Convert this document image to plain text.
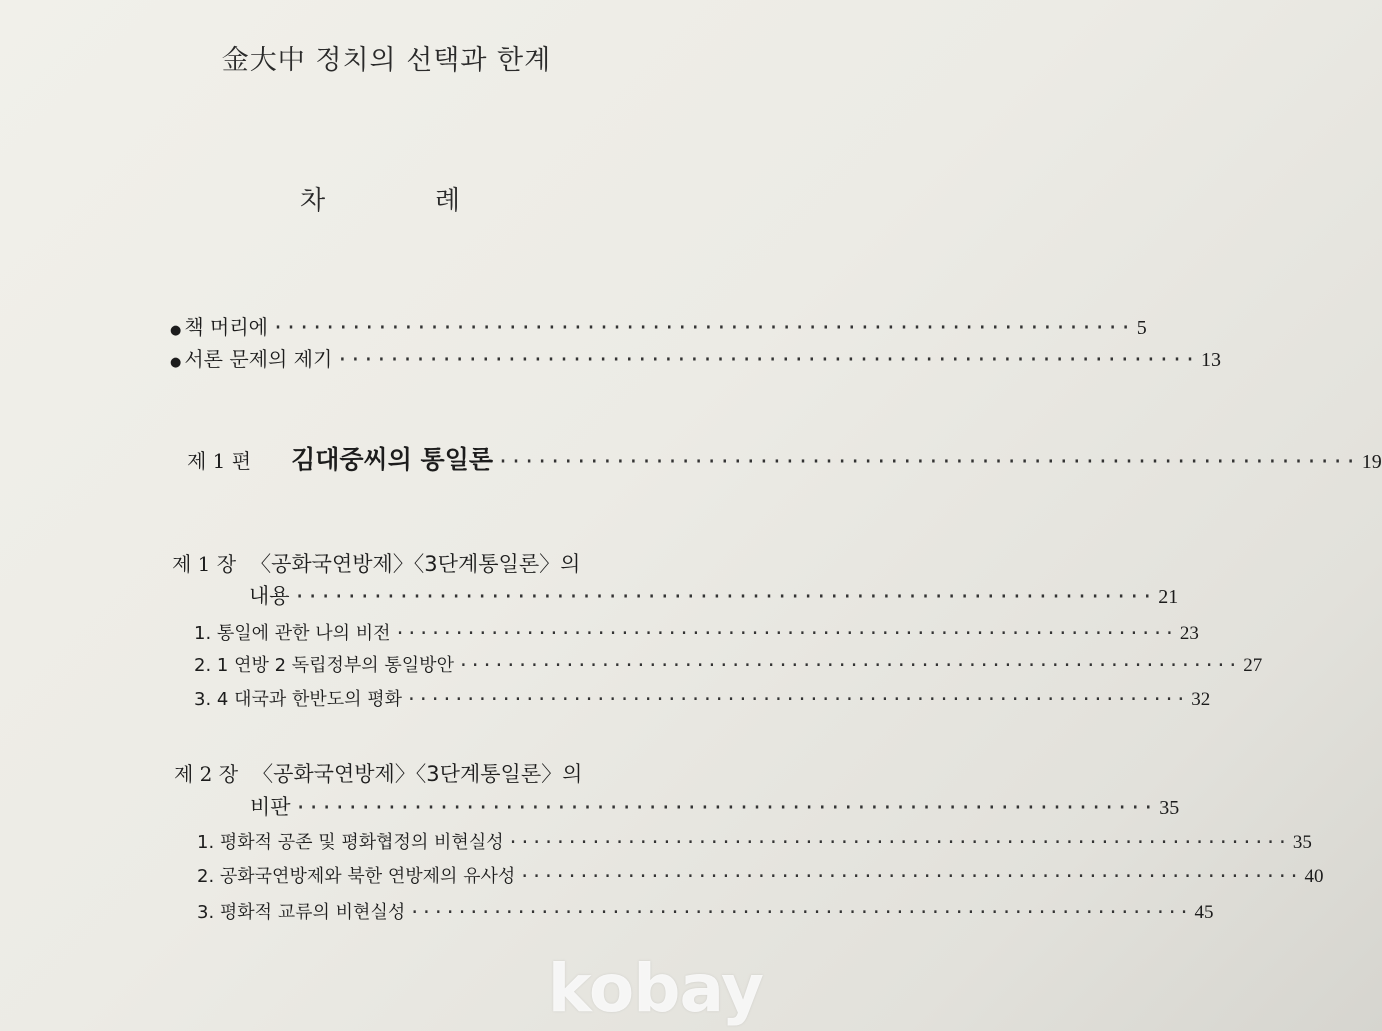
金大中 정치의 선택과 한계
차	례
● 책 머리에 ·································································· 5
● 서론 문제의 제기 ·································································· 13
제 1 편 김대중씨의 통일론 ·································································· 19
제 1 장 〈공화국연방제〉〈3단계통일론〉의
내용 ·································································· 21
1. 통일에 관한 나의 비전 ·································································· 23
2. 1 연방 2 독립정부의 통일방안 ·································································· 27
3. 4 대국과 한반도의 평화 ·································································· 32
제 2 장 〈공화국연방제〉〈3단계통일론〉의
비판 ·································································· 35
1. 평화적 공존 및 평화협정의 비현실성 ·································································· 35
2. 공화국연방제와 북한 연방제의 유사성 ·································································· 40
3. 평화적 교류의 비현실성 ·································································· 45
kobay
